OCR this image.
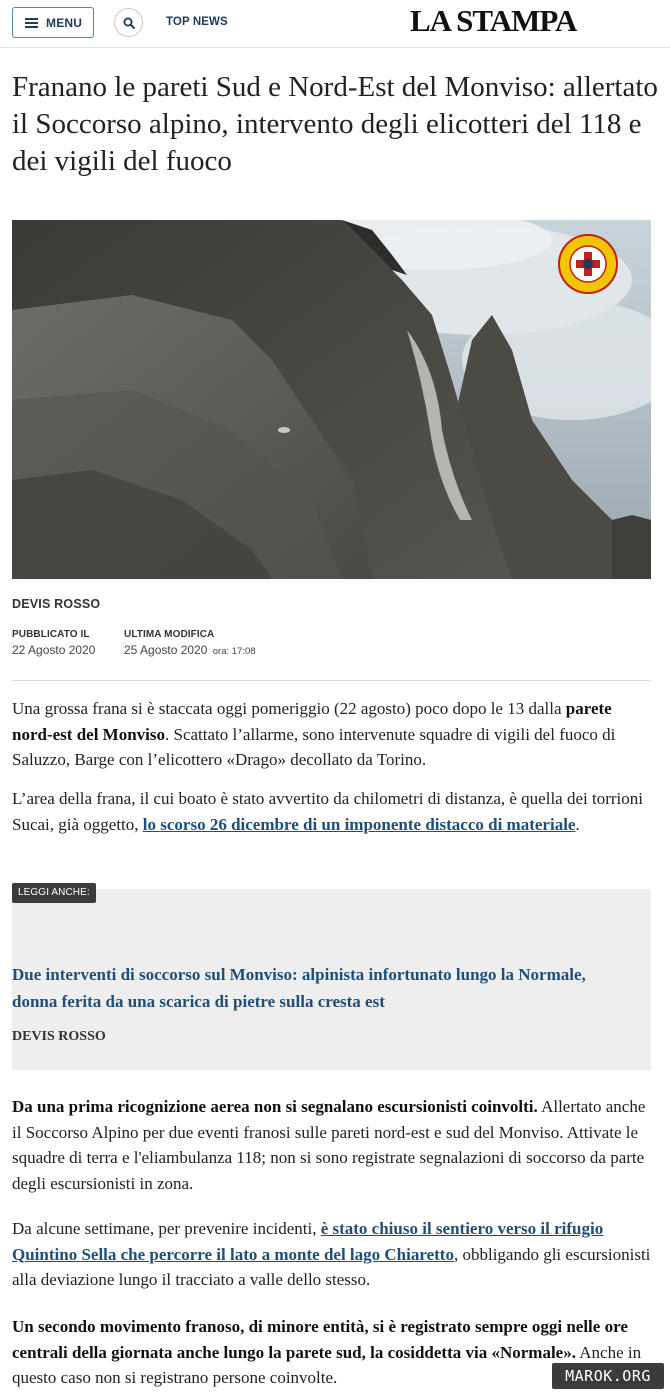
MENU	TOP NEWS	LA STAMPA
Franano le pareti Sud e Nord-Est del Monviso: allertato il Soccorso alpino, intervento degli elicotteri del 118 e dei vigili del fuoco
DEVIS ROSSO
PUBBLICATO IL
22 Agosto 2020
ULTIMA MODIFICA
25 Agosto 2020 ora: 17:08

Una grossa frana si è staccata oggi pomeriggio (22 agosto) poco dopo le 13 dalla parete nord-est del Monviso. Scattato l’allarme, sono intervenute squadre di vigili del fuoco di Saluzzo, Barge con l’elicottero «Drago» decollato da Torino.

L’area della frana, il cui boato è stato avvertito da chilometri di distanza, è quella dei torrioni Sucai, già oggetto, lo scorso 26 dicembre di un imponente distacco di materiale.

LEGGI ANCHE:
Due interventi di soccorso sul Monviso: alpinista infortunato lungo la Normale, donna ferita da una scarica di pietre sulla cresta est
DEVIS ROSSO

Da una prima ricognizione aerea non si segnalano escursionisti coinvolti. Allertato anche il Soccorso Alpino per due eventi franosi sulle pareti nord-est e sud del Monviso. Attivate le squadre di terra e l'eliambulanza 118; non si sono registrate segnalazioni di soccorso da parte degli escursionisti in zona.

Da alcune settimane, per prevenire incidenti, è stato chiuso il sentiero verso il rifugio Quintino Sella che percorre il lato a monte del lago Chiaretto, obbligando gli escursionisti alla deviazione lungo il tracciato a valle dello stesso.

Un secondo movimento franoso, di minore entità, si è registrato sempre oggi nelle ore centrali della giornata anche lungo la parete sud, la cosiddetta via «Normale». Anche in questo caso non si registrano persone coinvolte.	MAROK.ORG
